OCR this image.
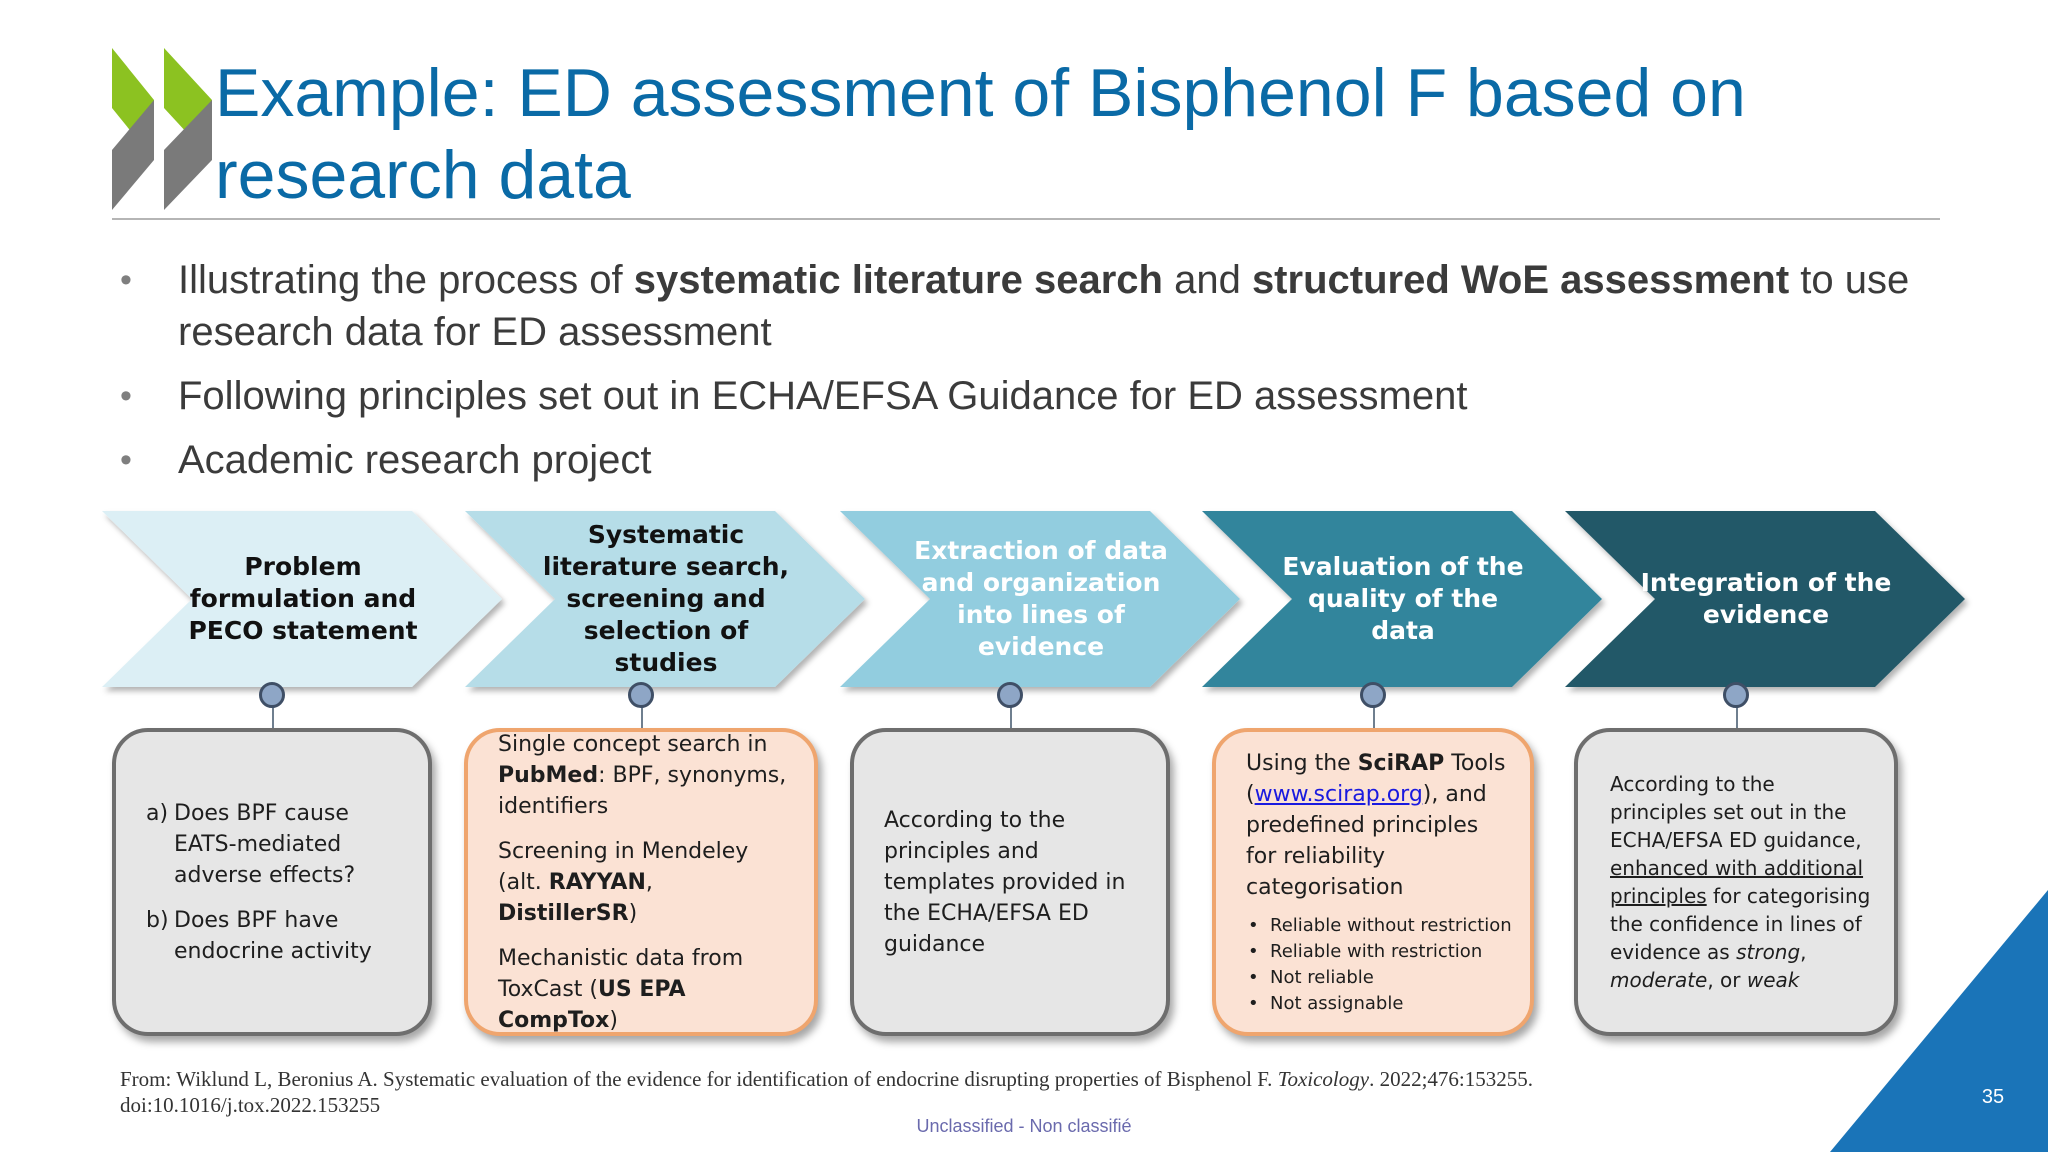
Example: ED assessment of Bisphenol F based on research data
•	Illustrating the process of systematic literature search and structured WoE assessment to use research data for ED assessment
•	Following principles set out in ECHA/EFSA Guidance for ED assessment
•	Academic research project
Problem
formulation and
PECO statement
Systematic
literature search,
screening and
selection of
studies
Extraction of data
and organization
into lines of
evidence
Evaluation of the
quality of the data
Integration of the
evidence
a) Does BPF cause EATS-mediated adverse effects?
b) Does BPF have endocrine activity

Single concept search in PubMed: BPF, synonyms, identifiers

Screening in Mendeley (alt. RAYYAN, DistillerSR)

Mechanistic data from ToxCast (US EPA CompTox)

According to the principles and templates provided in the ECHA/EFSA ED guidance

Using the SciRAP Tools (www.scirap.org), and predefined principles for reliability categorisation

• Reliable without restriction
• Reliable with restriction
• Not reliable
• Not assignable

According to the principles set out in the ECHA/EFSA ED guidance, enhanced with additional principles for categorising the confidence in lines of evidence as strong, moderate, or weak

From: Wiklund L, Beronius A. Systematic evaluation of the evidence for identification of endocrine disrupting properties of Bisphenol F. Toxicology. 2022;476:153255.
doi:10.1016/j.tox.2022.153255
Unclassified - Non classifié
35
